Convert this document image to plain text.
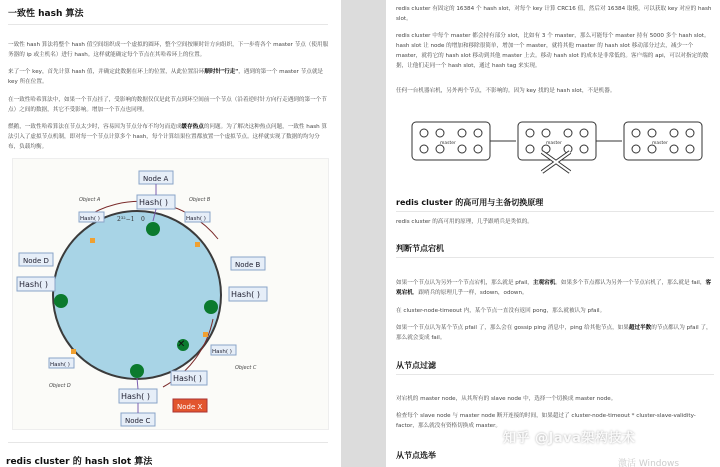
一致性 hash 算法
一致性 hash 算法将整个 hash 值空间组织成一个虚拟的圆环，整个空间按顺时针方向组织，下一步将各个 master 节点（使用服务器的 ip 或主机名）进行 hash。这样就能确定每个节点在其哈希环上的位置。
来了一个 key，首先计算 hash 值，并确定此数据在环上的位置，从此位置沿环顺时针"行走"，遇到的第一个 master 节点就是 key 所在位置。
在一致性哈希算法中，如果一个节点挂了，受影响的数据仅仅是此节点到环空间前一个节点（沿着逆时针方向行走遇到的第一个节点）之间的数据，其它不受影响。增加一个节点也同理。
燃鹅，一致性哈希算法在节点太少时，容易因为节点分布不均匀而造成缓存热点的问题。为了解决这种热点问题，一致性 hash 算法引入了虚拟节点机制，即对每一个节点计算多个 hash，每个计算结果位置都放置一个虚拟节点。这样就实现了数据的均匀分布，负载均衡。
2³²−1 0
Node A
Hash( )
Object A
Hash( )
Object B
Hash( )
Node B
Hash( )
Node D
Hash( )
Hash( )
Object D
Hash( )
Object C
✕
Hash( )
Node X
Hash( )
Node C
redis cluster 的 hash slot 算法
redis cluster 有固定的 16384 个 hash slot，对每个 key 计算 CRC16 值，然后对 16384 取模，可以获取 key 对应的 hash slot。
redis cluster 中每个 master 都会持有部分 slot，比如有 3 个 master，那么可能每个 master 持有 5000 多个 hash slot。hash slot 让 node 的增加和移除很简单，增加一个 master，就将其他 master 的 hash slot 移动部分过去，减少一个 master，就将它的 hash slot 移动到其他 master 上去。移动 hash slot 的成本是非常低的。客户端的 api，可以对指定的数据，让他们走同一个 hash slot，通过 hash tag 来实现。
任何一台机器宕机，另外两个节点，不影响的。因为 key 找的是 hash slot，不是机器。
master	master	master
redis cluster 的高可用与主备切换原理
redis cluster 的高可用的原理，几乎跟哨兵是类似的。
判断节点宕机
如果一个节点认为另外一个节点宕机，那么就是 pfail，主观宕机。如果多个节点都认为另外一个节点宕机了，那么就是 fail，客观宕机，跟哨兵的原理几乎一样，sdown，odown。
在 cluster-node-timeout 内，某个节点一直没有返回 pong，那么就被认为 pfail。
如果一个节点认为某个节点 pfail 了，那么会在 gossip ping 消息中，ping 给其他节点，如果超过半数的节点都认为 pfail 了，那么就会变成 fail。
从节点过滤
对宕机的 master node，从其所有的 slave node 中，选择一个切换成 master node。
检查每个 slave node 与 master node 断开连接的时间，如果超过了 cluster-node-timeout * cluster-slave-validity-factor，那么就没有资格切换成 master。
从节点选举
知乎 @Java架构技术
激活 Windows
